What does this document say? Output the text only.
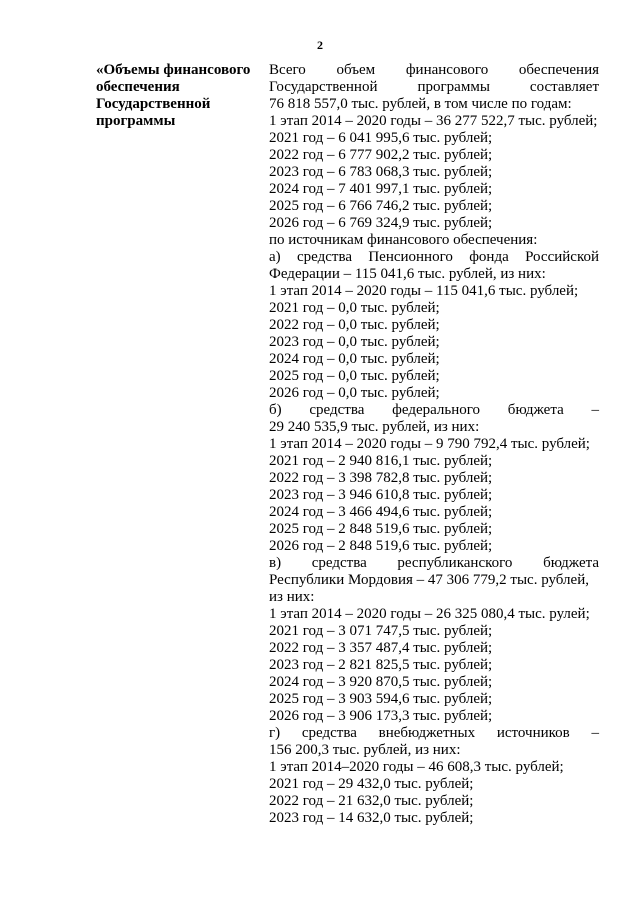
2
«Объемы финансового
обеспечения
Государственной
программы
Всего объем финансового обеспечения
Государственной программы составляет
76 818 557,0 тыс. рублей, в том числе по годам:
1 этап 2014 – 2020 годы – 36 277 522,7 тыс. рублей;
2021 год – 6 041 995,6 тыс. рублей;
2022 год – 6 777 902,2 тыс. рублей;
2023 год – 6 783 068,3 тыс. рублей;
2024 год – 7 401 997,1 тыс. рублей;
2025 год – 6 766 746,2 тыс. рублей;
2026 год – 6 769 324,9 тыс. рублей;
по источникам финансового обеспечения:
а) средства Пенсионного фонда Российской
Федерации – 115 041,6 тыс. рублей, из них:
1 этап 2014 – 2020 годы – 115 041,6 тыс. рублей;
2021 год – 0,0 тыс. рублей;
2022 год – 0,0 тыс. рублей;
2023 год – 0,0 тыс. рублей;
2024 год – 0,0 тыс. рублей;
2025 год – 0,0 тыс. рублей;
2026 год – 0,0 тыс. рублей;
б) средства федерального бюджета –
29 240 535,9 тыс. рублей, из них:
1 этап 2014 – 2020 годы – 9 790 792,4 тыс. рублей;
2021 год – 2 940 816,1 тыс. рублей;
2022 год – 3 398 782,8 тыс. рублей;
2023 год – 3 946 610,8 тыс. рублей;
2024 год – 3 466 494,6 тыс. рублей;
2025 год – 2 848 519,6 тыс. рублей;
2026 год – 2 848 519,6 тыс. рублей;
в) средства республиканского бюджета
Республики Мордовия – 47 306 779,2 тыс. рублей,
из них:
1 этап 2014 – 2020 годы – 26 325 080,4 тыс. рулей;
2021 год – 3 071 747,5 тыс. рублей;
2022 год – 3 357 487,4 тыс. рублей;
2023 год – 2 821 825,5 тыс. рублей;
2024 год – 3 920 870,5 тыс. рублей;
2025 год – 3 903 594,6 тыс. рублей;
2026 год – 3 906 173,3 тыс. рублей;
г) средства внебюджетных источников –
156 200,3 тыс. рублей, из них:
1 этап 2014–2020 годы – 46 608,3 тыс. рублей;
2021 год – 29 432,0 тыс. рублей;
2022 год – 21 632,0 тыс. рублей;
2023 год – 14 632,0 тыс. рублей;
